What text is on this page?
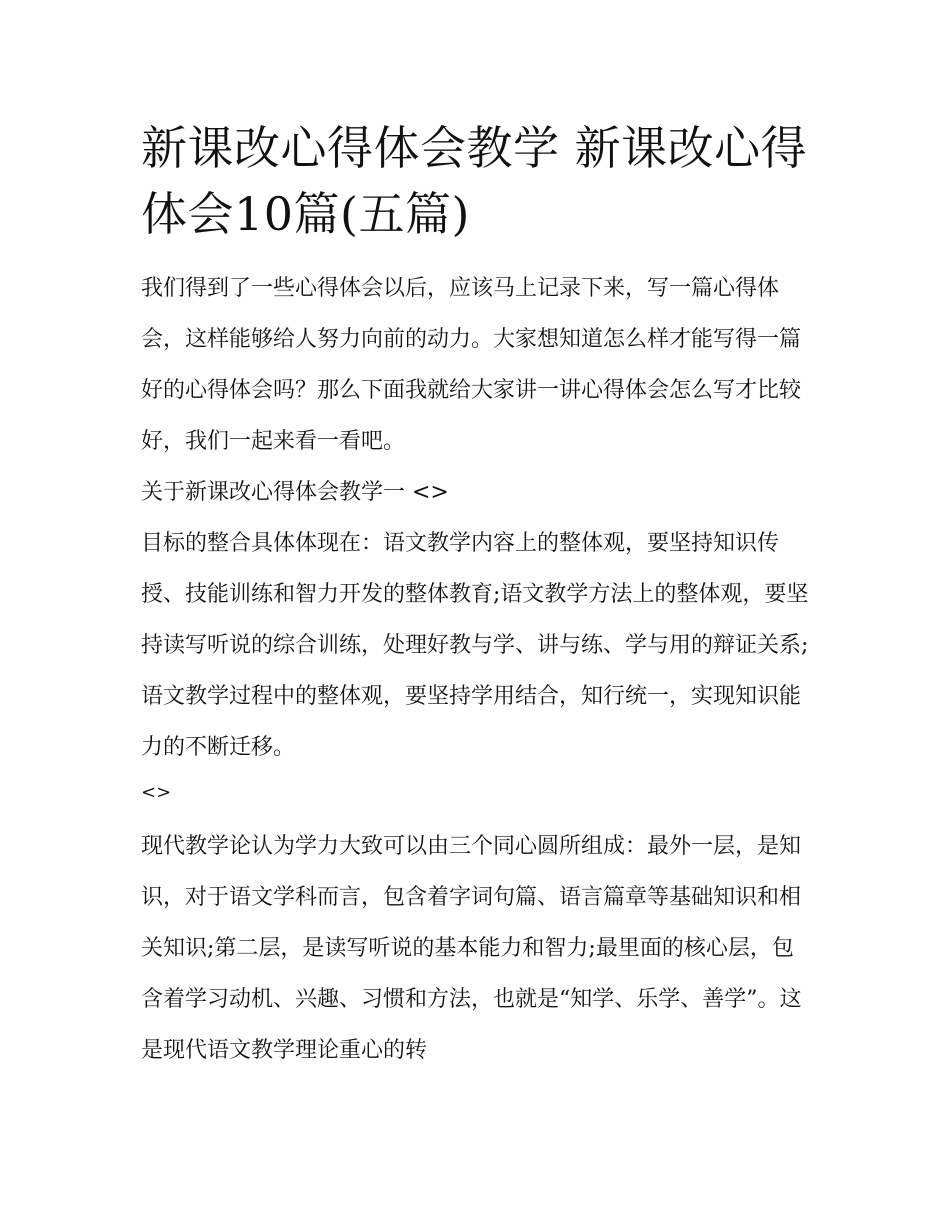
新课改心得体会教学 新课改心得体会10篇(五篇)

我们得到了一些心得体会以后，应该马上记录下来，写一篇心得体会，这样能够给人努力向前的动力。大家想知道怎么样才能写得一篇好的心得体会吗？那么下面我就给大家讲一讲心得体会怎么写才比较好，我们一起来看一看吧。

关于新课改心得体会教学一 <>

目标的整合具体体现在：语文教学内容上的整体观，要坚持知识传授、技能训练和智力开发的整体教育;语文教学方法上的整体观，要坚持读写听说的综合训练，处理好教与学、讲与练、学与用的辩证关系;语文教学过程中的整体观，要坚持学用结合，知行统一，实现知识能力的不断迁移。

<>

现代教学论认为学力大致可以由三个同心圆所组成：最外一层，是知识，对于语文学科而言，包含着字词句篇、语言篇章等基础知识和相关知识;第二层，是读写听说的基本能力和智力;最里面的核心层，包含着学习动机、兴趣、习惯和方法，也就是“知学、乐学、善学”。这是现代语文教学理论重心的转
